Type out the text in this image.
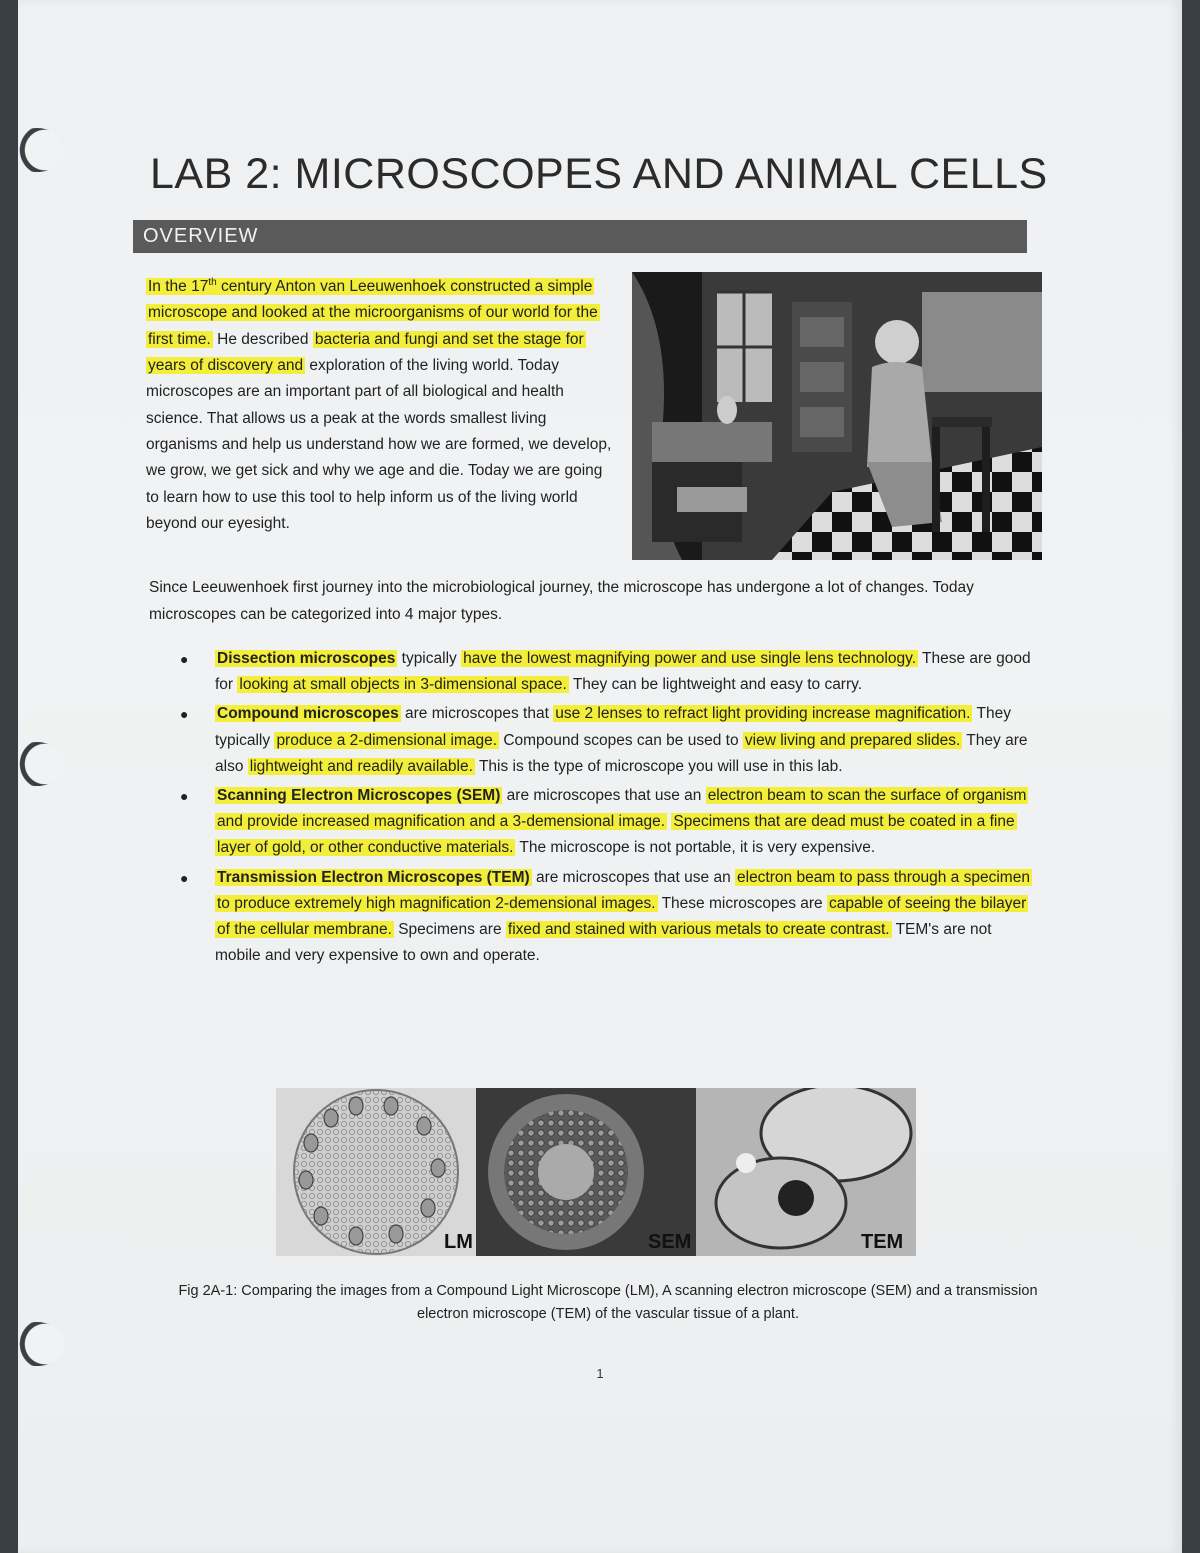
LAB 2: MICROSCOPES AND ANIMAL CELLS
OVERVIEW
In the 17th century Anton van Leeuwenhoek constructed a simple microscope and looked at the microorganisms of our world for the first time. He described bacteria and fungi and set the stage for years of discovery and exploration of the living world. Today microscopes are an important part of all biological and health science. That allows us a peak at the words smallest living organisms and help us understand how we are formed, we develop, we grow, we get sick and why we age and die. Today we are going to learn how to use this tool to help inform us of the living world beyond our eyesight.
Since Leeuwenhoek first journey into the microbiological journey, the microscope has undergone a lot of changes. Today microscopes can be categorized into 4 major types.
● Dissection microscopes typically have the lowest magnifying power and use single lens technology. These are good for looking at small objects in 3-dimensional space. They can be lightweight and easy to carry.
● Compound microscopes are microscopes that use 2 lenses to refract light providing increase magnification. They typically produce a 2-dimensional image. Compound scopes can be used to view living and prepared slides. They are also lightweight and readily available. This is the type of microscope you will use in this lab.
● Scanning Electron Microscopes (SEM) are microscopes that use an electron beam to scan the surface of organism and provide increased magnification and a 3-demensional image. Specimens that are dead must be coated in a fine layer of gold, or other conductive materials. The microscope is not portable, it is very expensive.
● Transmission Electron Microscopes (TEM) are microscopes that use an electron beam to pass through a specimen to produce extremely high magnification 2-demensional images. These microscopes are capable of seeing the bilayer of the cellular membrane. Specimens are fixed and stained with various metals to create contrast. TEM's are not mobile and very expensive to own and operate.
LM	SEM	TEM
Fig 2A-1: Comparing the images from a Compound Light Microscope (LM), A scanning electron microscope (SEM) and a transmission electron microscope (TEM) of the vascular tissue of a plant.
1
